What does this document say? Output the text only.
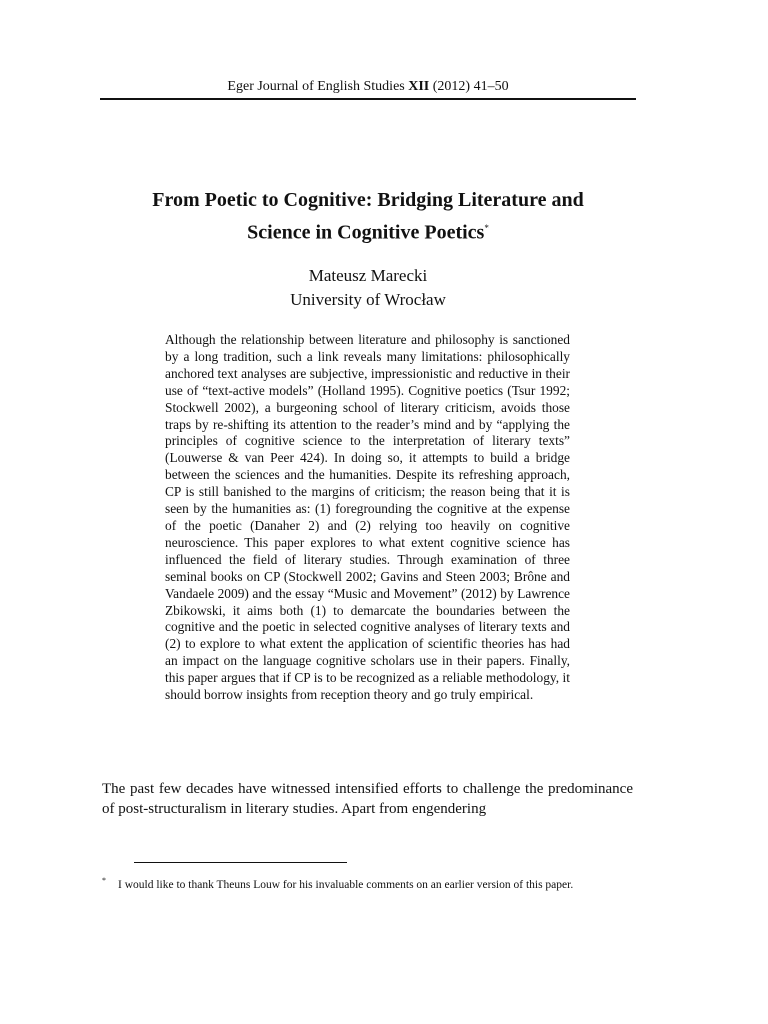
Eger Journal of English Studies XII (2012) 41–50
From Poetic to Cognitive: Bridging Literature and
Science in Cognitive Poetics*
Mateusz Marecki
University of Wrocław
Although the relationship between literature and philosophy is sanctioned by a long tradition, such a link reveals many limitations: philosophically anchored text analyses are subjective, impressionistic and reductive in their use of “text-active models” (Holland 1995). Cognitive poetics (Tsur 1992; Stockwell 2002), a burgeoning school of literary criticism, avoids those traps by re-shifting its attention to the reader’s mind and by “applying the principles of cognitive science to the interpretation of literary texts” (Louwerse & van Peer 424). In doing so, it attempts to build a bridge between the sciences and the humanities. Despite its refreshing approach, CP is still banished to the margins of criticism; the reason being that it is seen by the humanities as: (1) foregrounding the cognitive at the expense of the poetic (Danaher 2) and (2) relying too heavily on cognitive neuroscience. This paper explores to what extent cognitive science has influenced the field of literary studies. Through examination of three seminal books on CP (Stockwell 2002; Gavins and Steen 2003; Brône and Vandaele 2009) and the essay “Music and Movement” (2012) by Lawrence Zbikowski, it aims both (1) to demarcate the boundaries between the cognitive and the poetic in selected cognitive analyses of literary texts and (2) to explore to what extent the application of scientific theories has had an impact on the language cognitive scholars use in their papers. Finally, this paper argues that if CP is to be recognized as a reliable methodology, it should borrow insights from reception theory and go truly empirical.
The past few decades have witnessed intensified efforts to challenge the predominance of post-structuralism in literary studies. Apart from engendering
* I would like to thank Theuns Louw for his invaluable comments on an earlier version of this paper.
